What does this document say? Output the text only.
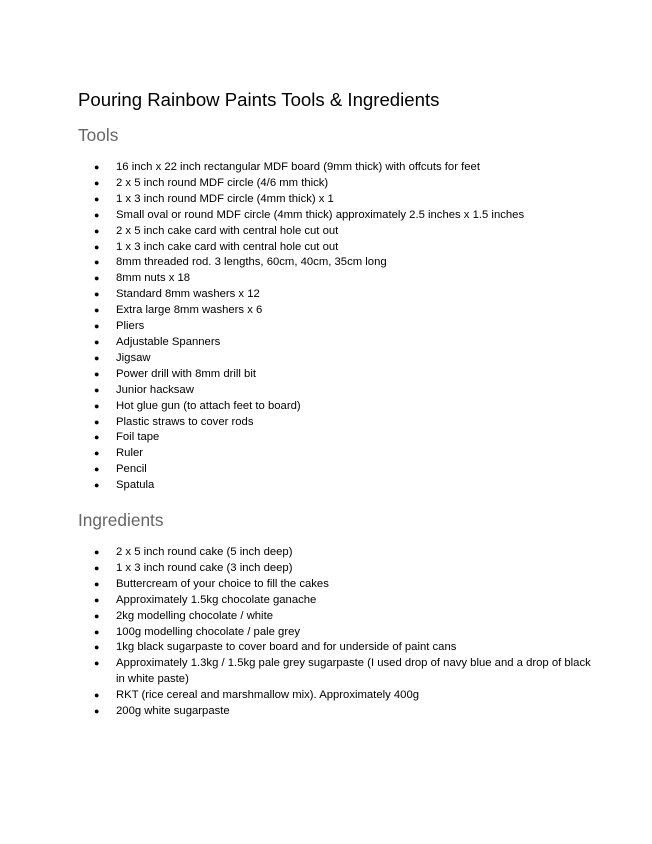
Pouring Rainbow Paints Tools & Ingredients
Tools
● 16 inch x 22 inch rectangular MDF board (9mm thick) with offcuts for feet
● 2 x 5 inch round MDF circle (4/6 mm thick)
● 1 x 3 inch round MDF circle (4mm thick) x 1
● Small oval or round MDF circle (4mm thick) approximately 2.5 inches x 1.5 inches
● 2 x 5 inch cake card with central hole cut out
● 1 x 3 inch cake card with central hole cut out
● 8mm threaded rod. 3 lengths, 60cm, 40cm, 35cm long
● 8mm nuts x 18
● Standard 8mm washers x 12
● Extra large 8mm washers x 6
● Pliers
● Adjustable Spanners
● Jigsaw
● Power drill with 8mm drill bit
● Junior hacksaw
● Hot glue gun (to attach feet to board)
● Plastic straws to cover rods
● Foil tape
● Ruler
● Pencil
● Spatula
Ingredients
● 2 x 5 inch round cake (5 inch deep)
● 1 x 3 inch round cake (3 inch deep)
● Buttercream of your choice to fill the cakes
● Approximately 1.5kg chocolate ganache
● 2kg modelling chocolate / white
● 100g modelling chocolate / pale grey
● 1kg black sugarpaste to cover board and for underside of paint cans
● Approximately 1.3kg / 1.5kg pale grey sugarpaste (I used drop of navy blue and a drop of black in white paste)
● RKT (rice cereal and marshmallow mix). Approximately 400g
● 200g white sugarpaste
